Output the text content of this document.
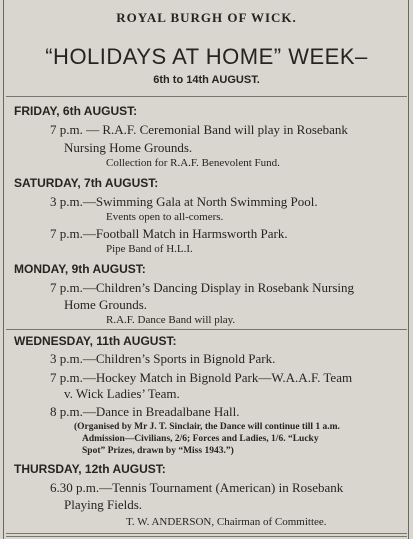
ROYAL BURGH OF WICK.
“HOLIDAYS AT HOME” WEEK–
6th to 14th AUGUST.
FRIDAY, 6th AUGUST:
7 p.m. — R.A.F. Ceremonial Band will play in Rosebank
Nursing Home Grounds.
Collection for R.A.F. Benevolent Fund.
SATURDAY, 7th AUGUST:
3 p.m.—Swimming Gala at North Swimming Pool.
Events open to all-comers.
7 p.m.—Football Match in Harmsworth Park.
Pipe Band of H.L.I.
MONDAY, 9th AUGUST:
7 p.m.—Children’s Dancing Display in Rosebank Nursing
Home Grounds.
R.A.F. Dance Band will play.
WEDNESDAY, 11th AUGUST:
3 p.m.—Children’s Sports in Bignold Park.
7 p.m.—Hockey Match in Bignold Park—W.A.A.F. Team
v. Wick Ladies’ Team.
8 p.m.—Dance in Breadalbane Hall.
(Organised by Mr J. T. Sinclair, the Dance will continue till 1 a.m.
Admission—Civilians, 2/6; Forces and Ladies, 1/6. “Lucky
Spot” Prizes, drawn by “Miss 1943.”)
THURSDAY, 12th AUGUST:
6.30 p.m.—Tennis Tournament (American) in Rosebank
Playing Fields.
T. W. ANDERSON, Chairman of Committee.
